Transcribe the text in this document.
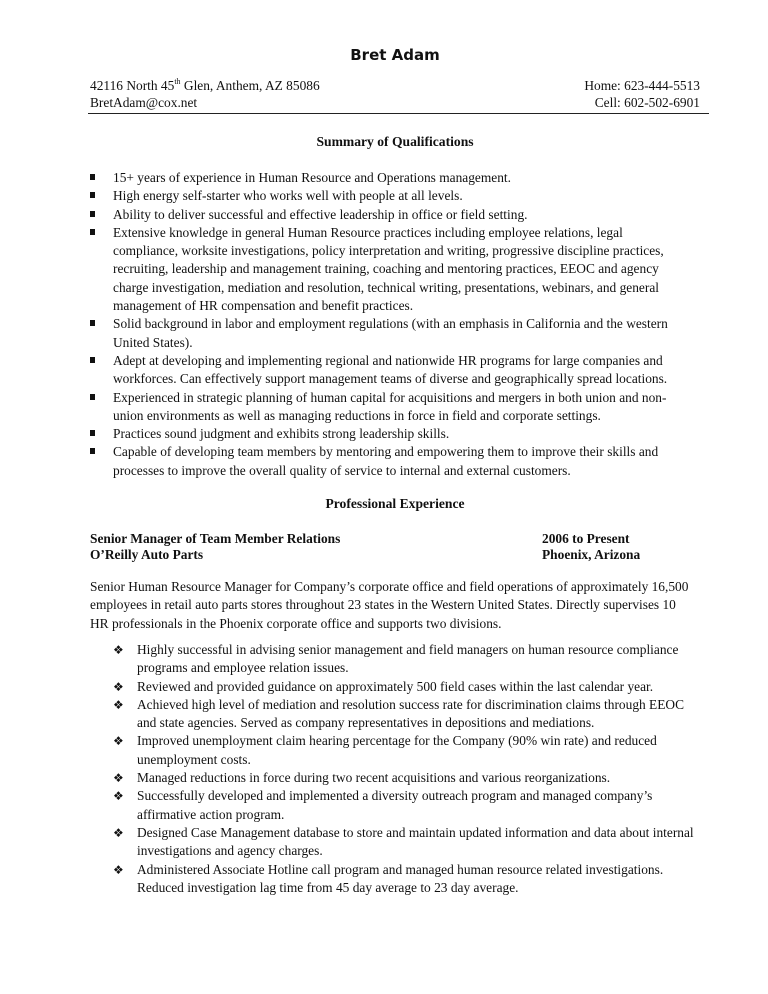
Bret Adam
42116 North 45th Glen, Anthem, AZ 85086	Home: 623-444-5513
BretAdam@cox.net	Cell: 602-502-6901
Summary of Qualifications
15+ years of experience in Human Resource and Operations management.
High energy self-starter who works well with people at all levels.
Ability to deliver successful and effective leadership in office or field setting.
Extensive knowledge in general Human Resource practices including employee relations, legal compliance, worksite investigations, policy interpretation and writing, progressive discipline practices, recruiting, leadership and management training, coaching and mentoring practices, EEOC and agency charge investigation, mediation and resolution, technical writing, presentations, webinars, and general management of HR compensation and benefit practices.
Solid background in labor and employment regulations (with an emphasis in California and the western United States).
Adept at developing and implementing regional and nationwide HR programs for large companies and workforces. Can effectively support management teams of diverse and geographically spread locations.
Experienced in strategic planning of human capital for acquisitions and mergers in both union and non-union environments as well as managing reductions in force in field and corporate settings.
Practices sound judgment and exhibits strong leadership skills.
Capable of developing team members by mentoring and empowering them to improve their skills and processes to improve the overall quality of service to internal and external customers.
Professional Experience
Senior Manager of Team Member Relations	2006 to Present
O’Reilly Auto Parts	Phoenix, Arizona

Senior Human Resource Manager for Company’s corporate office and field operations of approximately 16,500 employees in retail auto parts stores throughout 23 states in the Western United States. Directly supervises 10 HR professionals in the Phoenix corporate office and supports two divisions.

❖ Highly successful in advising senior management and field managers on human resource compliance programs and employee relation issues.
❖ Reviewed and provided guidance on approximately 500 field cases within the last calendar year.
❖ Achieved high level of mediation and resolution success rate for discrimination claims through EEOC and state agencies. Served as company representatives in depositions and mediations.
❖ Improved unemployment claim hearing percentage for the Company (90% win rate) and reduced unemployment costs.
❖ Managed reductions in force during two recent acquisitions and various reorganizations.
❖ Successfully developed and implemented a diversity outreach program and managed company’s affirmative action program.
❖ Designed Case Management database to store and maintain updated information and data about internal investigations and agency charges.
❖ Administered Associate Hotline call program and managed human resource related investigations. Reduced investigation lag time from 45 day average to 23 day average.
